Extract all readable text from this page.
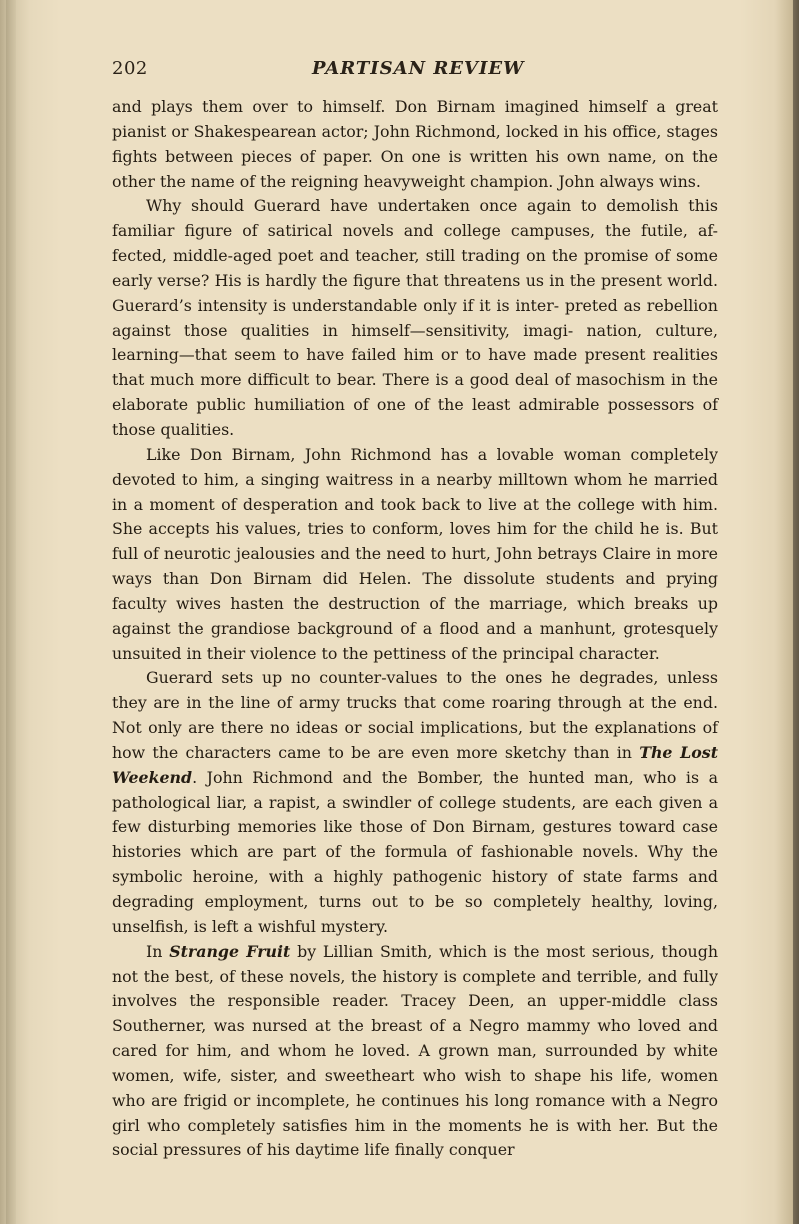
202	PARTISAN REVIEW

and plays them over to himself. Don Birnam imagined himself a great pianist or Shakespearean actor; John Richmond, locked in his office, stages fights between pieces of paper. On one is written his own name, on the other the name of the reigning heavyweight champion. John always wins.

Why should Guerard have undertaken once again to demolish this familiar figure of satirical novels and college campuses, the futile, af- fected, middle-aged poet and teacher, still trading on the promise of some early verse? His is hardly the figure that threatens us in the present world. Guerard’s intensity is understandable only if it is inter- preted as rebellion against those qualities in himself—sensitivity, imagi- nation, culture, learning—that seem to have failed him or to have made present realities that much more difficult to bear. There is a good deal of masochism in the elaborate public humiliation of one of the least admirable possessors of those qualities.

Like Don Birnam, John Richmond has a lovable woman completely devoted to him, a singing waitress in a nearby milltown whom he married in a moment of desperation and took back to live at the college with him. She accepts his values, tries to conform, loves him for the child he is. But full of neurotic jealousies and the need to hurt, John betrays Claire in more ways than Don Birnam did Helen. The dissolute students and prying faculty wives hasten the destruction of the marriage, which breaks up against the grandiose background of a flood and a manhunt, grotesquely unsuited in their violence to the pettiness of the principal character.

Guerard sets up no counter-values to the ones he degrades, unless they are in the line of army trucks that come roaring through at the end. Not only are there no ideas or social implications, but the explanations of how the characters came to be are even more sketchy than in The Lost Weekend. John Richmond and the Bomber, the hunted man, who is a pathological liar, a rapist, a swindler of college students, are each given a few disturbing memories like those of Don Birnam, gestures toward case histories which are part of the formula of fashionable novels. Why the symbolic heroine, with a highly pathogenic history of state farms and degrading employment, turns out to be so completely healthy, loving, unselfish, is left a wishful mystery.

In Strange Fruit by Lillian Smith, which is the most serious, though not the best, of these novels, the history is complete and terrible, and fully involves the responsible reader. Tracey Deen, an upper-middle class Southerner, was nursed at the breast of a Negro mammy who loved and cared for him, and whom he loved. A grown man, surrounded by white women, wife, sister, and sweetheart who wish to shape his life, women who are frigid or incomplete, he continues his long romance with a Negro girl who completely satisfies him in the moments he is with her. But the social pressures of his daytime life finally conquer
